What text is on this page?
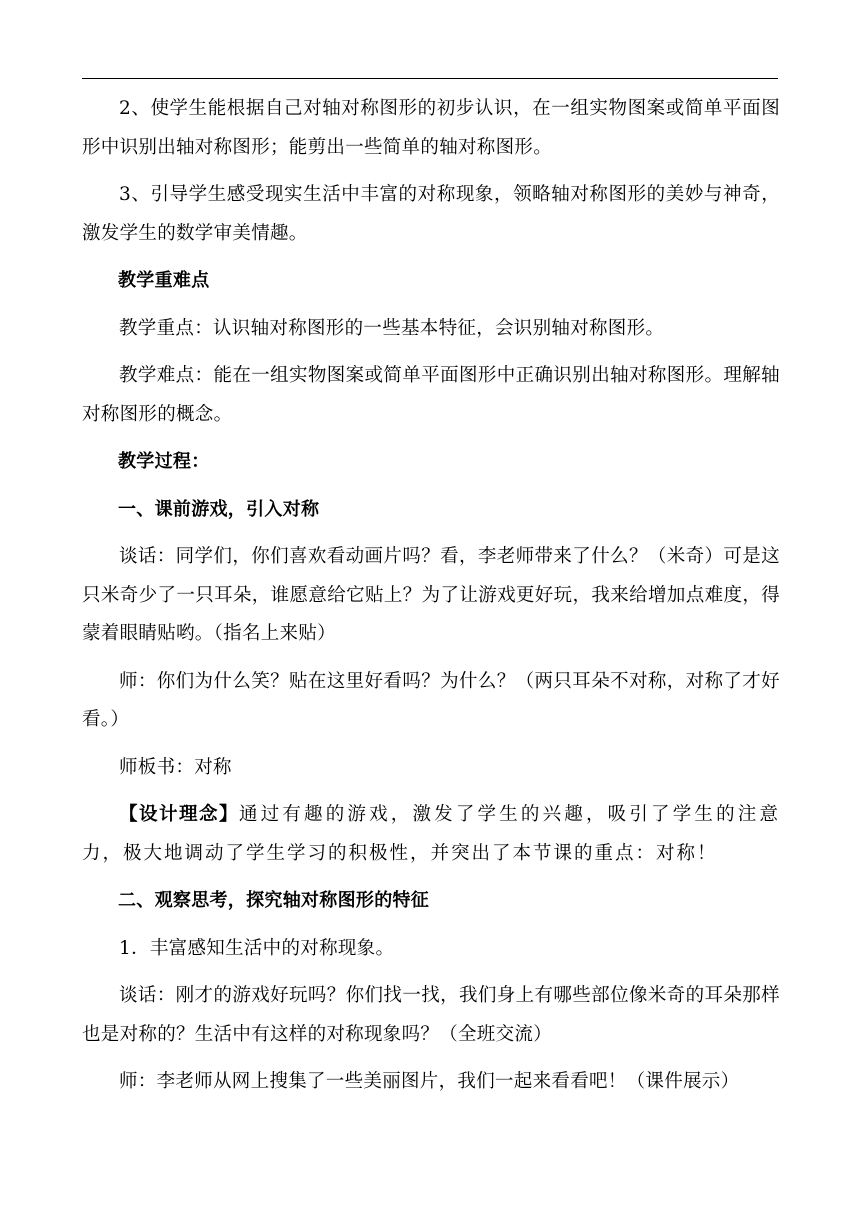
2、使学生能根据自己对轴对称图形的初步认识，在一组实物图案或简单平面图形中识别出轴对称图形；能剪出一些简单的轴对称图形。

3、引导学生感受现实生活中丰富的对称现象，领略轴对称图形的美妙与神奇，激发学生的数学审美情趣。

教学重难点

教学重点：认识轴对称图形的一些基本特征，会识别轴对称图形。

教学难点：能在一组实物图案或简单平面图形中正确识别出轴对称图形。理解轴对称图形的概念。

教学过程：

一、课前游戏，引入对称

谈话：同学们，你们喜欢看动画片吗？看，李老师带来了什么？（米奇）可是这只米奇少了一只耳朵，谁愿意给它贴上？为了让游戏更好玩，我来给增加点难度，得蒙着眼睛贴哟。（指名上来贴）

师：你们为什么笑？贴在这里好看吗？为什么？（两只耳朵不对称，对称了才好看。）

师板书：对称

【设计理念】通过有趣的游戏，激发了学生的兴趣，吸引了学生的注意力，极大地调动了学生学习的积极性，并突出了本节课的重点：对称！

二、观察思考，探究轴对称图形的特征

1．丰富感知生活中的对称现象。

谈话：刚才的游戏好玩吗？你们找一找，我们身上有哪些部位像米奇的耳朵那样也是对称的？生活中有这样的对称现象吗？（全班交流）

师：李老师从网上搜集了一些美丽图片，我们一起来看看吧！（课件展示）
